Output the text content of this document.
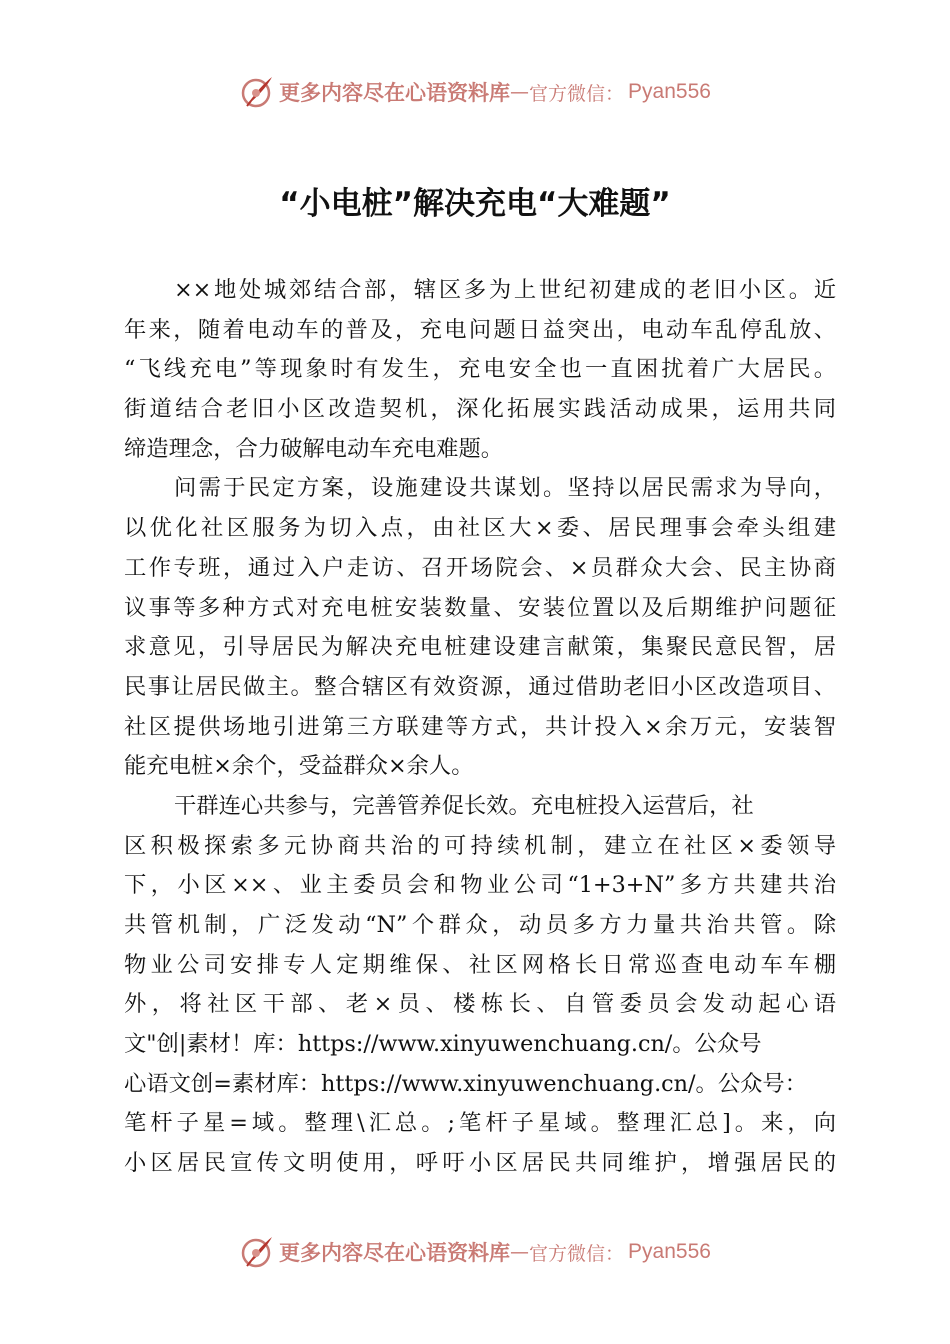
更多内容尽在心语资料库 — 官方微信： Pyan556
“小电桩”解决充电“大难题”
××地处城郊结合部，辖区多为上世纪初建成的老旧小区。近
年来，随着电动车的普及，充电问题日益突出，电动车乱停乱放、
“飞线充电”等现象时有发生，充电安全也一直困扰着广大居民。
街道结合老旧小区改造契机，深化拓展实践活动成果，运用共同
缔造理念，合力破解电动车充电难题。
问需于民定方案，设施建设共谋划。坚持以居民需求为导向，
以优化社区服务为切入点，由社区大×委、居民理事会牵头组建
工作专班，通过入户走访、召开场院会、×员群众大会、民主协商
议事等多种方式对充电桩安装数量、安装位置以及后期维护问题征
求意见，引导居民为解决充电桩建设建言献策，集聚民意民智，居
民事让居民做主。整合辖区有效资源，通过借助老旧小区改造项目、
社区提供场地引进第三方联建等方式，共计投入×余万元，安装智
能充电桩×余个，受益群众×余人。
干群连心共参与，完善管养促长效。充电桩投入运营后，社
区积极探索多元协商共治的可持续机制，建立在社区×委领导
下，小区××、业主委员会和物业公司“1+3+N”多方共建共治
共管机制，广泛发动“N”个群众，动员多方力量共治共管。除
物业公司安排专人定期维保、社区网格长日常巡查电动车车棚
外，将社区干部、老×员、楼栋长、自管委员会发动起心语
文"创|素材！库：https://www.xinyuwenchuang.cn/。公众号
心语文创=素材库：https://www.xinyuwenchuang.cn/。公众号：
笔杆子星=域。整理\汇总。;笔杆子星域。整理汇总]。来，向
小区居民宣传文明使用，呼吁小区居民共同维护，增强居民的
更多内容尽在心语资料库 — 官方微信： Pyan556
